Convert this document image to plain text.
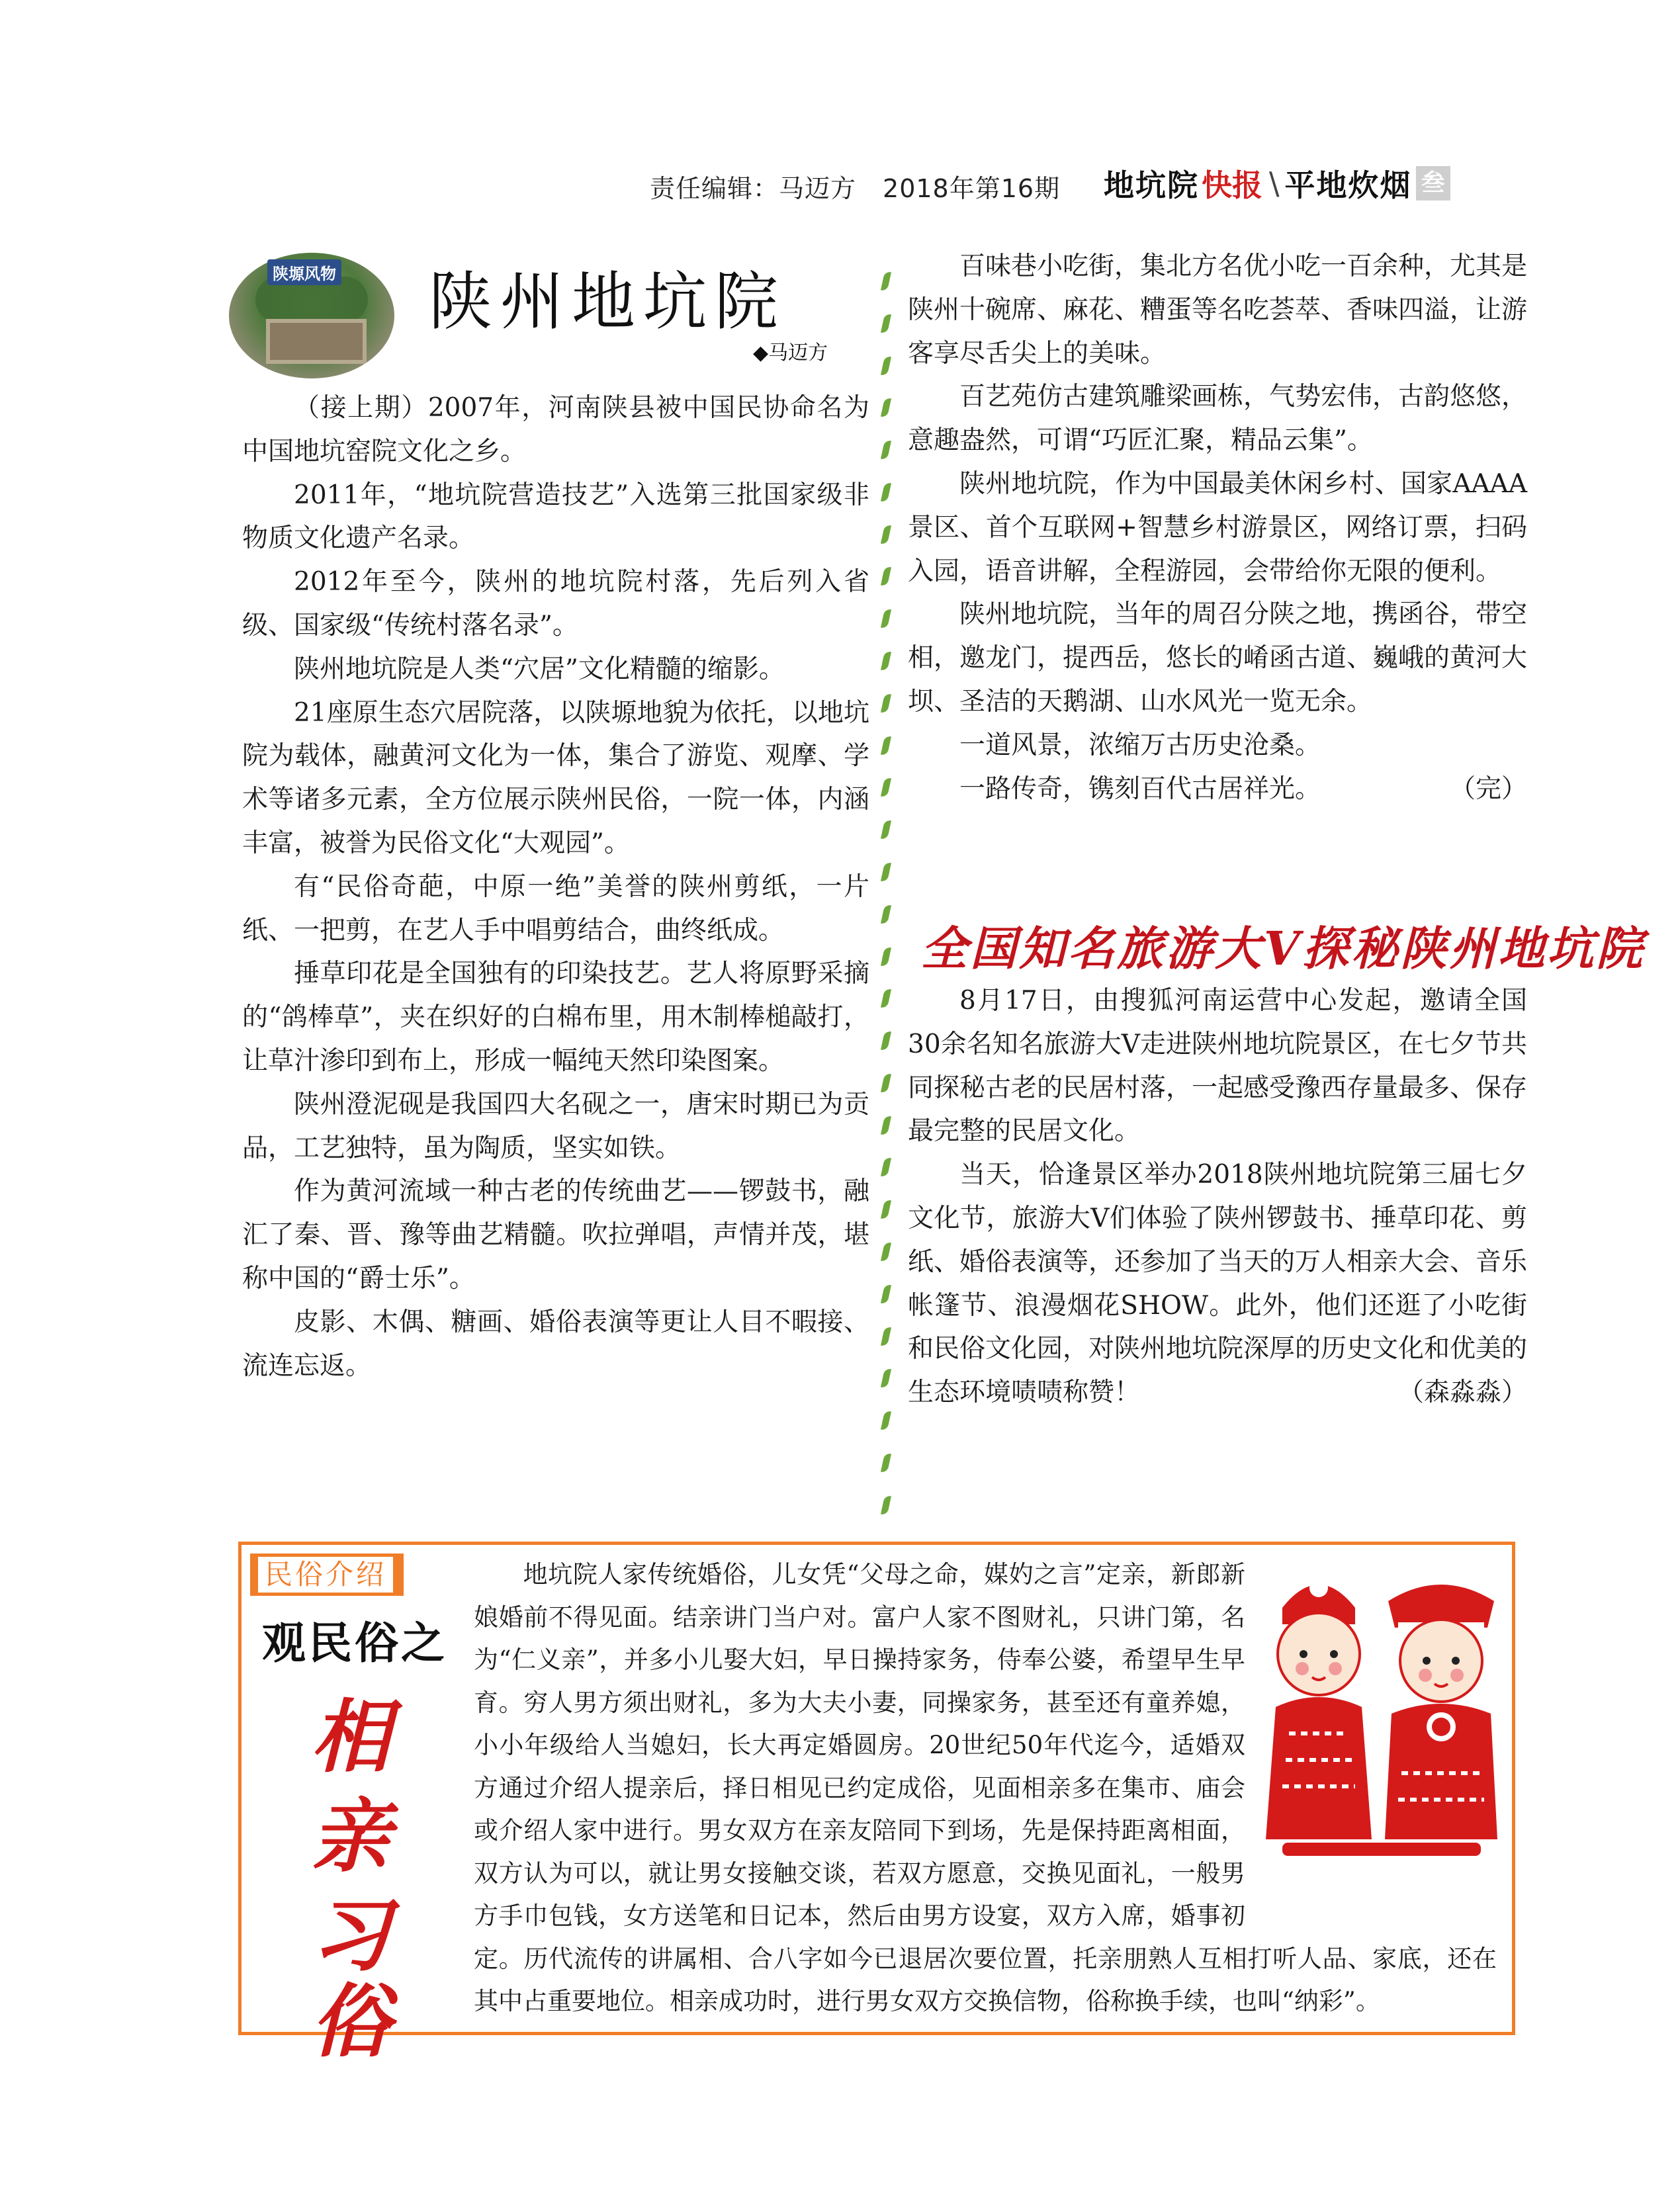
责任编辑：马迈方 2018年第16期	地坑院 快报 \ 平地炊烟 叁
陕塬风物 陕州地坑院
◆马迈方

（接上期）2007年，河南陕县被中国民协命名为中国地坑窑院文化之乡。

2011年，“地坑院营造技艺”入选第三批国家级非物质文化遗产名录。

2012年至今，陕州的地坑院村落，先后列入省级、国家级“传统村落名录”。

陕州地坑院是人类“穴居”文化精髓的缩影。

21座原生态穴居院落，以陕塬地貌为依托，以地坑院为载体，融黄河文化为一体，集合了游览、观摩、学术等诸多元素，全方位展示陕州民俗，一院一体，内涵丰富，被誉为民俗文化“大观园”。

有“民俗奇葩，中原一绝”美誉的陕州剪纸，一片纸、一把剪，在艺人手中唱剪结合，曲终纸成。

捶草印花是全国独有的印染技艺。艺人将原野采摘的“鸽棒草”，夹在织好的白棉布里，用木制棒槌敲打，让草汁渗印到布上，形成一幅纯天然印染图案。

陕州澄泥砚是我国四大名砚之一，唐宋时期已为贡品，工艺独特，虽为陶质，坚实如铁。

作为黄河流域一种古老的传统曲艺——锣鼓书，融汇了秦、晋、豫等曲艺精髓。吹拉弹唱，声情并茂，堪称中国的“爵士乐”。

皮影、木偶、糖画、婚俗表演等更让人目不暇接、流连忘返。

百味巷小吃街，集北方名优小吃一百余种，尤其是陕州十碗席、麻花、糟蛋等名吃荟萃、香味四溢，让游客享尽舌尖上的美味。

百艺苑仿古建筑雕梁画栋，气势宏伟，古韵悠悠，意趣盎然，可谓“巧匠汇聚，精品云集”。

陕州地坑院，作为中国最美休闲乡村、国家AAAA景区、首个互联网+智慧乡村游景区，网络订票，扫码入园，语音讲解，全程游园，会带给你无限的便利。

陕州地坑院，当年的周召分陕之地，携函谷，带空相，邀龙门，提西岳，悠长的崤函古道、巍峨的黄河大坝、圣洁的天鹅湖、山水风光一览无余。

一道风景，浓缩万古历史沧桑。

一路传奇，镌刻百代古居祥光。	（完）

全国知名旅游大V探秘陕州地坑院

8月17日，由搜狐河南运营中心发起，邀请全国30余名知名旅游大V走进陕州地坑院景区，在七夕节共同探秘古老的民居村落，一起感受豫西存量最多、保存最完整的民居文化。

当天，恰逢景区举办2018陕州地坑院第三届七夕文化节，旅游大V们体验了陕州锣鼓书、捶草印花、剪纸、婚俗表演等，还参加了当天的万人相亲大会、音乐帐篷节、浪漫烟花SHOW。此外，他们还逛了小吃街和民俗文化园，对陕州地坑院深厚的历史文化和优美的生态环境啧啧称赞！	（森淼淼）

民俗介绍
观民俗之
相
亲
习
俗
地坑院人家传统婚俗，儿女凭“父母之命，媒妁之言”定亲，新郎新娘婚前不得见面。结亲讲门当户对。富户人家不图财礼，只讲门第，名为“仁义亲”，并多小儿娶大妇，早日操持家务，侍奉公婆，希望早生早育。穷人男方须出财礼，多为大夫小妻，同操家务，甚至还有童养媳，小小年级给人当媳妇，长大再定婚圆房。20世纪50年代迄今，适婚双方通过介绍人提亲后，择日相见已约定成俗，见面相亲多在集市、庙会或介绍人家中进行。男女双方在亲友陪同下到场，先是保持距离相面，双方认为可以，就让男女接触交谈，若双方愿意，交换见面礼，一般男方手巾包钱，女方送笔和日记本，然后由男方设宴，双方入席，婚事初定。历代流传的讲属相、合八字如今已退居次要位置，托亲朋熟人互相打听人品、家底，还在其中占重要地位。相亲成功时，进行男女双方交换信物，俗称换手续，也叫“纳彩”。
